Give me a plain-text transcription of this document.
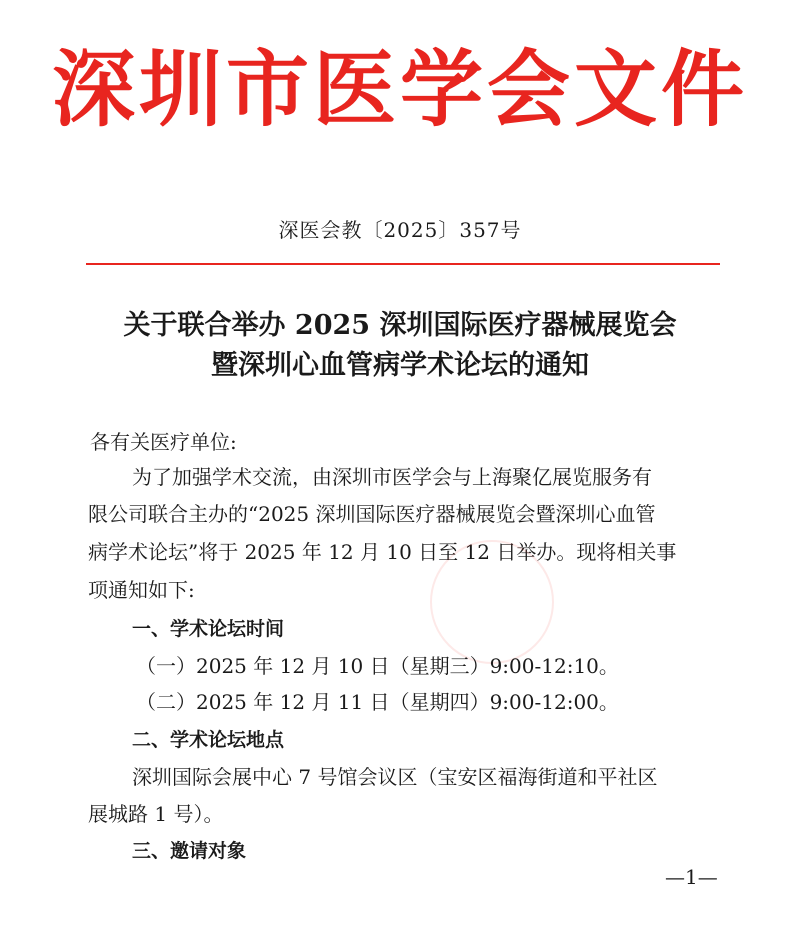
深圳市医学会文件
深医会教〔2025〕357号
关于联合举办 2025 深圳国际医疗器械展览会
暨深圳心血管病学术论坛的通知
各有关医疗单位:
为了加强学术交流，由深圳市医学会与上海聚亿展览服务有
限公司联合主办的“2025 深圳国际医疗器械展览会暨深圳心血管
病学术论坛”将于 2025 年 12 月 10 日至 12 日举办。现将相关事
项通知如下:
一、学术论坛时间
（一）2025 年 12 月 10 日（星期三）9:00-12:10。
（二）2025 年 12 月 11 日（星期四）9:00-12:00。
二、学术论坛地点
深圳国际会展中心 7 号馆会议区（宝安区福海街道和平社区
展城路 1 号）。
三、邀请对象
—1—
